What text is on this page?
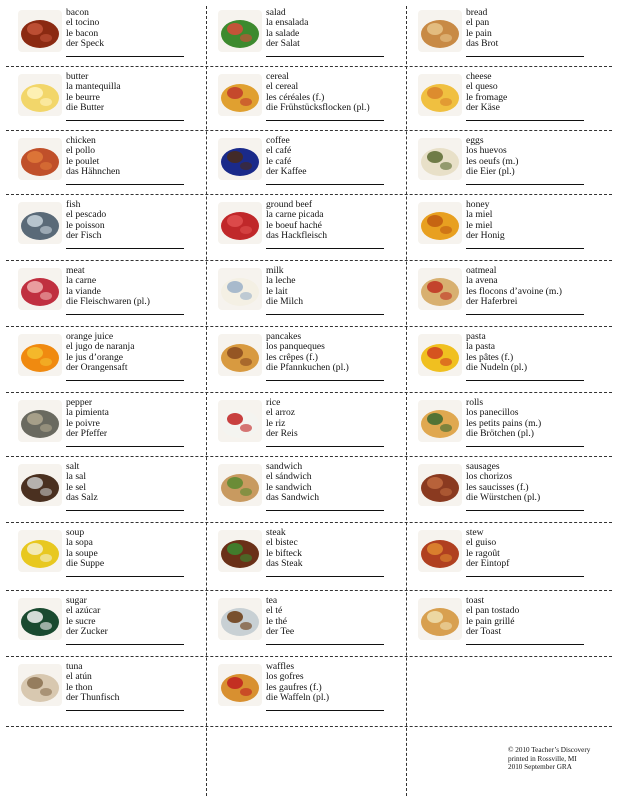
bacon
el tocino
le bacon
der Speck
salad
la ensalada
la salade
der Salat
bread
el pan
le pain
das Brot
butter
la mantequilla
le beurre
die Butter
cereal
el cereal
les céréales (f.)
die Frühstücksflocken (pl.)
cheese
el queso
le fromage
der Käse
chicken
el pollo
le poulet
das Hähnchen
coffee
el café
le café
der Kaffee
eggs
los huevos
les oeufs (m.)
die Eier (pl.)
fish
el pescado
le poisson
der Fisch
ground beef
la carne picada
le boeuf haché
das Hackfleisch
honey
la miel
le miel
der Honig
meat
la carne
la viande
die Fleischwaren (pl.)
milk
la leche
le lait
die Milch
oatmeal
la avena
les flocons d’avoine (m.)
der Haferbrei
orange juice
el jugo de naranja
le jus d’orange
der Orangensaft
pancakes
los panqueques
les crêpes (f.)
die Pfannkuchen (pl.)
pasta
la pasta
les pâtes (f.)
die Nudeln (pl.)
pepper
la pimienta
le poivre
der Pfeffer
rice
el arroz
le riz
der Reis
rolls
los panecillos
les petits pains (m.)
die Brötchen (pl.)
salt
la sal
le sel
das Salz
sandwich
el sándwich
le sandwich
das Sandwich
sausages
los chorizos
les saucisses (f.)
die Würstchen (pl.)
soup
la sopa
la soupe
die Suppe
steak
el bistec
le bifteck
das Steak
stew
el guiso
le ragoût
der Eintopf
sugar
el azúcar
le sucre
der Zucker
tea
el té
le thé
der Tee
toast
el pan tostado
le pain grillé
der Toast
tuna
el atún
le thon
der Thunfisch
waffles
los gofres
les gaufres (f.)
die Waffeln (pl.)
© 2010 Teacher’s Discovery
printed in Rossville, MI
2010 September GRA
